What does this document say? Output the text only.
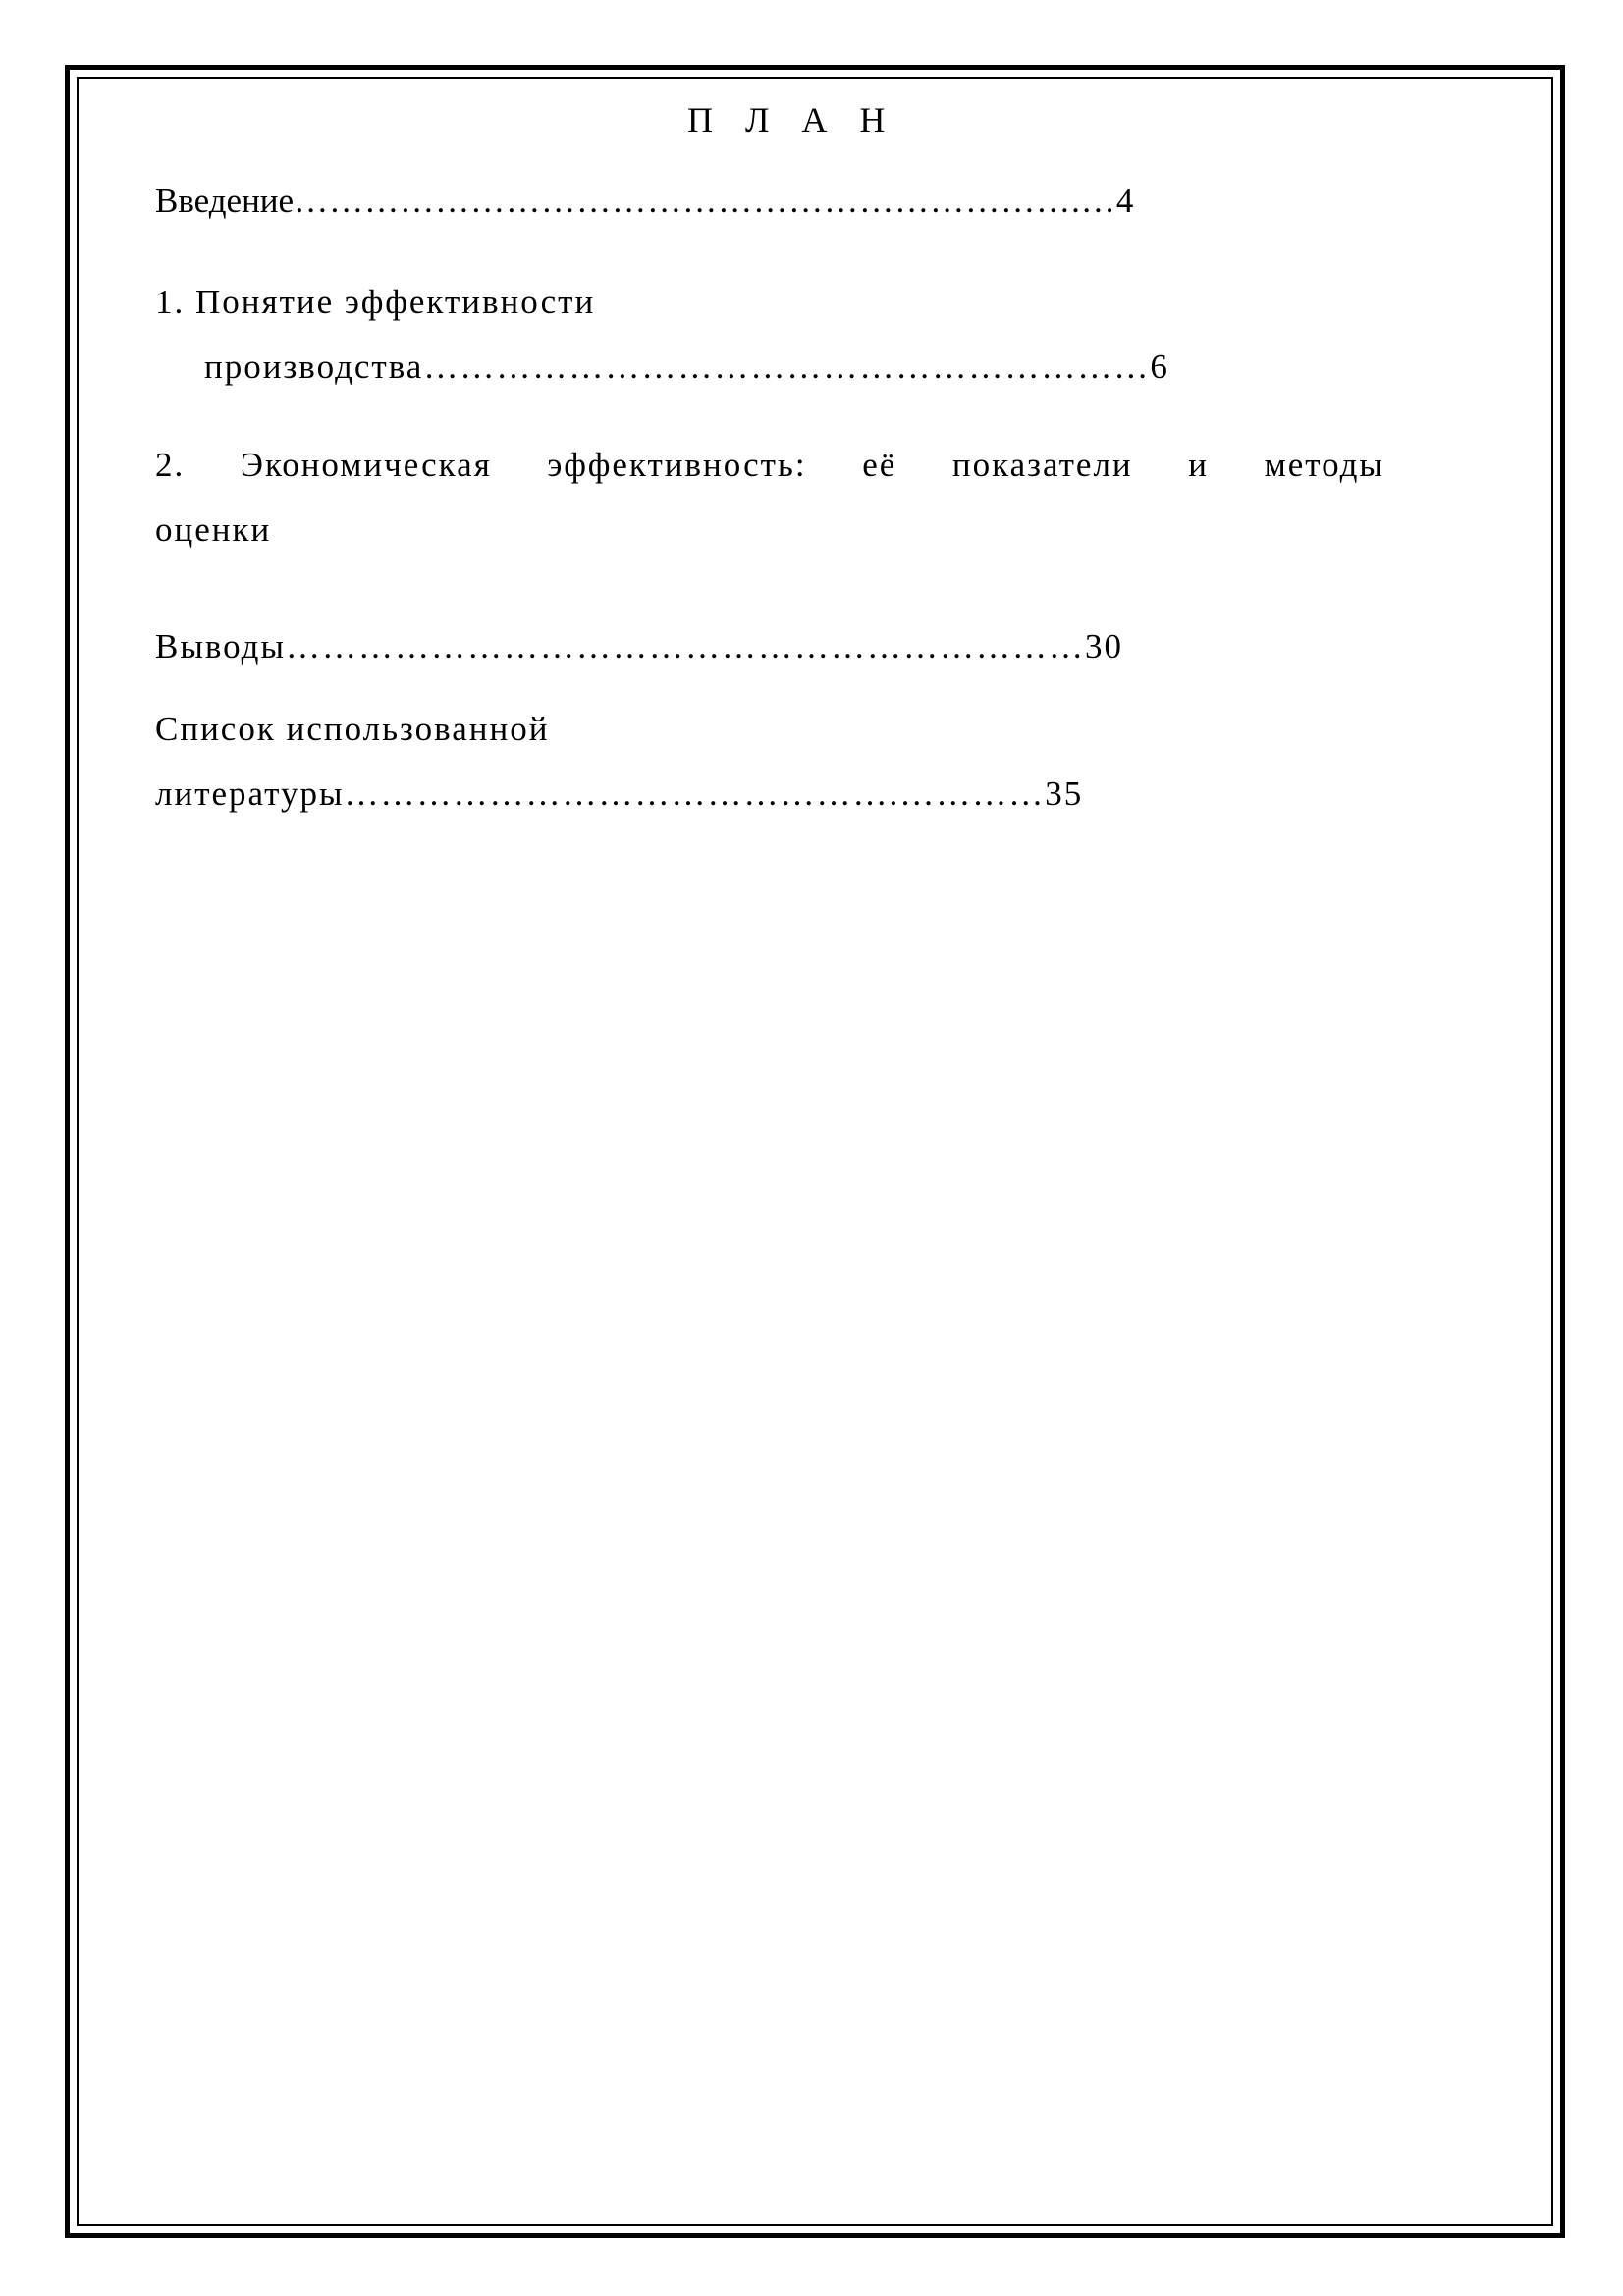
П Л А Н
Введение………………………………………………………….…4
1. Понятие эффективности
производства……………………………………………………6
2. Экономическая эффективность: её показатели и методы
оценки
Выводы…………………………………………………………30
Список использованной
литературы……………………………………….…………35
